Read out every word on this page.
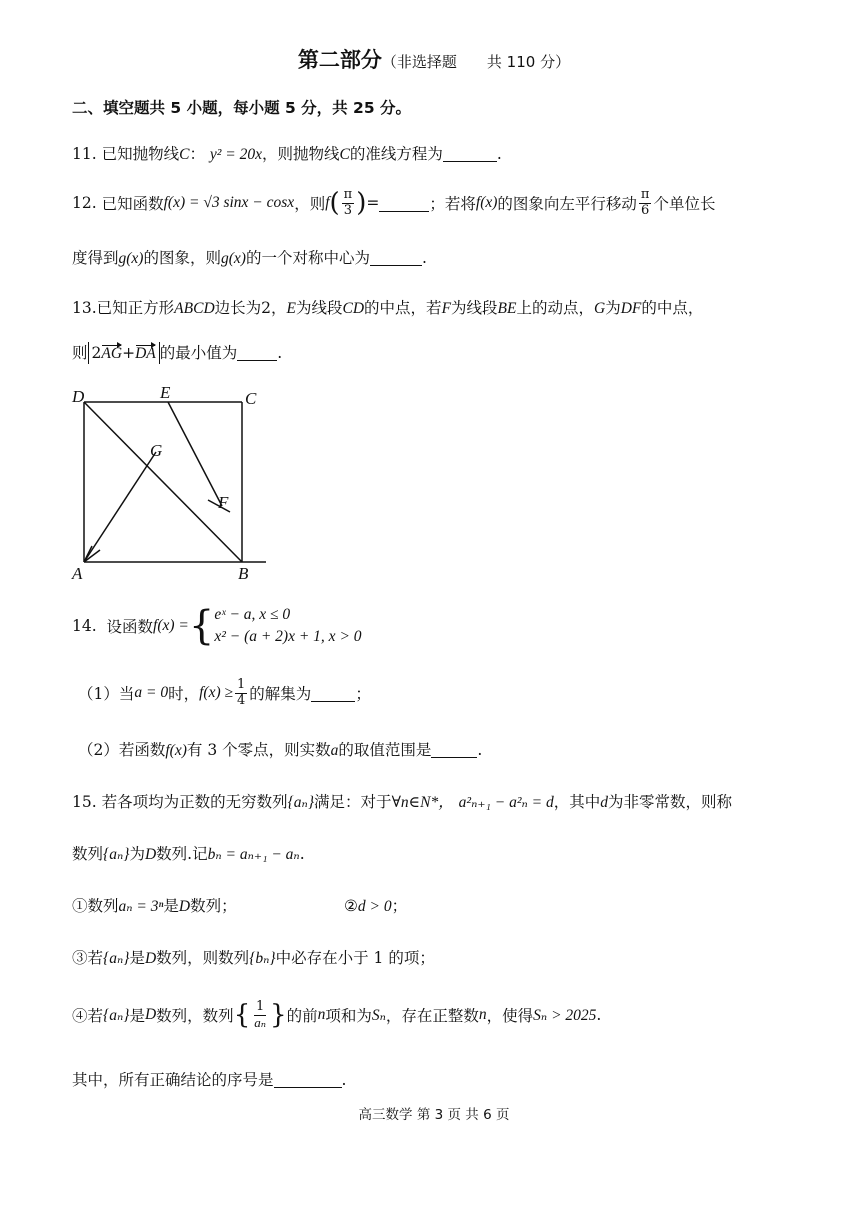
第二部分（非选择题　　共 110 分）
二、填空题共 5 小题，每小题 5 分，共 25 分。
11. 已知抛物线C： y² = 20x，则抛物线C的准线方程为	.
12.
已知函数 f(x) = √3 sinx − cosx ，则 f ( $\frac{\pi}{3}$ ) =	；若将 f(x) 的图象向左平行移动 $\frac{\pi}{6}$ 个单位长
度得到g(x)的图象，则g(x)的一个对称中心为	.
13.已知正方形ABCD边长为2，E为线段CD的中点，若F为线段BE上的动点，G为DF的中点，
则 2AG+DA 的最小值为	.
D	E	C
G
F
A	B
14.
设函数 f(x) = { eˣ − a, x ≤ 0
x² − (a + 2)x + 1, x > 0
（1）当 a = 0 时， $f(x) \ge \frac{1}{4}$ 的解集为	；
（2）若函数f(x)有 3 个零点，则实数a的取值范围是	.
15. 若各项均为正数的无穷数列{aₙ}满足：对于∀n∈N*， a²ₙ₊₁ − a²ₙ = d，其中d为非零常数，则称
数列{aₙ}为D数列.记bₙ = aₙ₊₁ − aₙ.
①数列aₙ = 3ⁿ是D数列；	②d > 0；
③若{aₙ}是D数列，则数列{bₙ}中必存在小于 1 的项；
④若 {aₙ} 是 D 数列，数列 { $\frac{1}{\text{aₙ}}$ } 的前 n 项和为 Sₙ ，存在正整数 n ，使得 Sₙ > 2025 .
其中，所有正确结论的序号是	.
高三数学 第 3 页 共 6 页
